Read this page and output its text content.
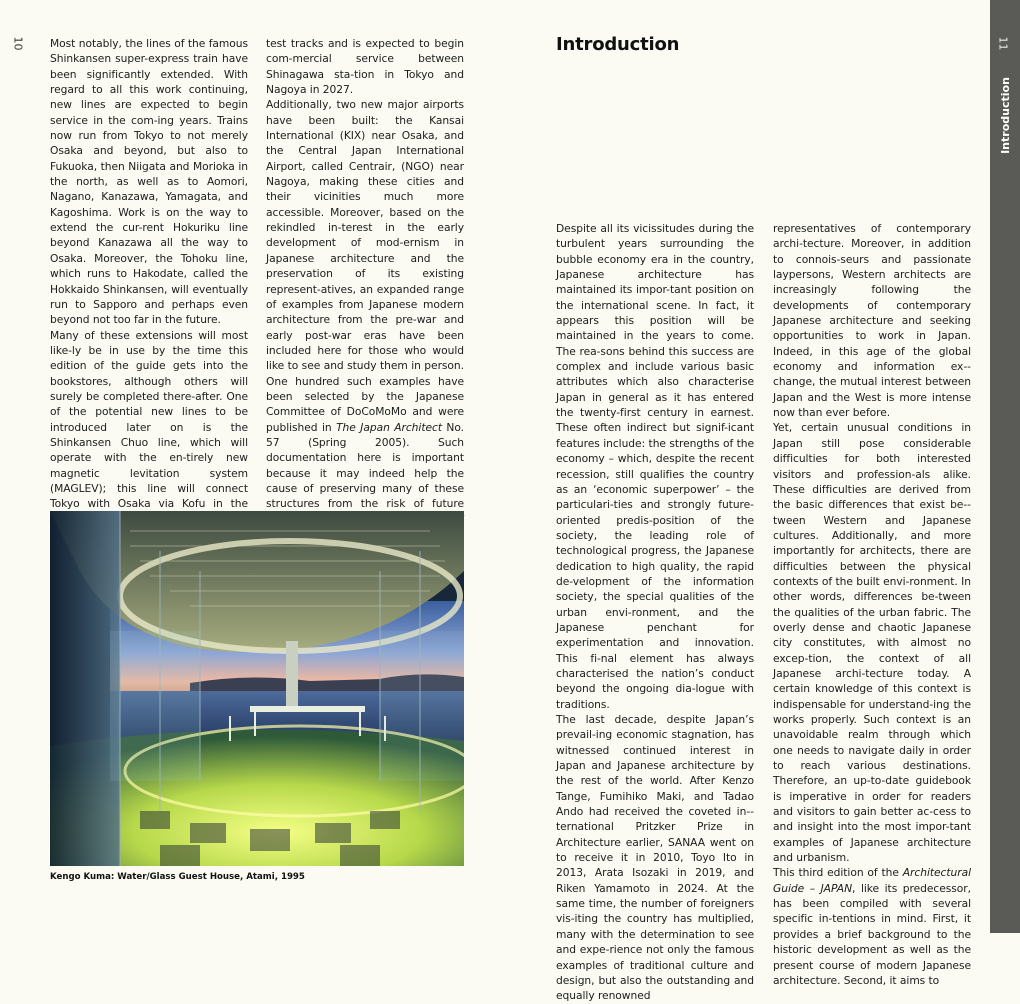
10 Most notably, the lines of the famous Shinkansen super-express train have been significantly extended. With regard to all this work continuing, new lines are expected to begin service in the com-ing years. Trains now run from Tokyo to not merely Osaka and beyond, but also to Fukuoka, then Niigata and Morioka in the north, as well as to Aomori, Nagano, Kanazawa, Yamagata, and Kagoshima. Work is on the way to extend the cur-rent Hokuriku line beyond Kanazawa all the way to Osaka. Moreover, the Tohoku line, which runs to Hakodate, called the Hokkaido Shinkansen, will eventually run to Sapporo and perhaps even beyond not too far in the future.

Many of these extensions will most like-ly be in use by the time this edition of the guide gets into the bookstores, although others will surely be completed there-after. One of the potential new lines to be introduced later on is the Shinkansen Chuo line, which will operate with the en-tirely new magnetic levitation system (MAGLEV); this line will connect Tokyo with Osaka via Kofu in the

test tracks and is expected to begin com-mercial service between Shinagawa sta-tion in Tokyo and Nagoya in 2027.

Additionally, two new major airports have been built: the Kansai International (KIX) near Osaka, and the Central Japan International Airport, called Centrair, (NGO) near Nagoya, making these cities and their vicinities much more accessible. Moreover, based on the rekindled in-terest in the early development of mod-ernism in Japanese architecture and the preservation of its existing represent-atives, an expanded range of examples from Japanese modern architecture from the pre-war and early post-war eras have been included here for those who would like to see and study them in person. One hundred such examples have been selected by the Japanese Committee of DoCoMoMo and were published in The Japan Architect No. 57 (Spring 2005). Such documentation here is important because it may indeed help the cause of preserving many of these structures from the risk of future

Kengo Kuma: Water/Glass Guest House, Atami, 1995
Introduction

Despite all its vicissitudes during the turbulent years surrounding the bubble economy era in the country, Japanese architecture has maintained its impor-tant position on the international scene. In fact, it appears this position will be maintained in the years to come. The rea-sons behind this success are complex and include various basic attributes which also characterise Japan in general as it has entered the twenty-first century in earnest. These often indirect but signif-icant features include: the strengths of the economy – which, despite the recent recession, still qualifies the country as an ‘economic superpower’ – the particulari-ties and strongly future-oriented predis-position of the society, the leading role of technological progress, the Japanese dedication to high quality, the rapid de-velopment of the information society, the special qualities of the urban envi-ronment, and the Japanese penchant for experimentation and innovation. This fi-nal element has always characterised the nation’s conduct beyond the ongoing dia-logue with traditions.

The last decade, despite Japan’s prevail-ing economic stagnation, has witnessed continued interest in Japan and Japanese architecture by the rest of the world. After Kenzo Tange, Fumihiko Maki, and Tadao Ando had received the coveted in-ternational Pritzker Prize in Architecture earlier, SANAA went on to receive it in 2010, Toyo Ito in 2013, Arata Isozaki in 2019, and Riken Yamamoto in 2024. At the same time, the number of foreigners vis-iting the country has multiplied, many with the determination to see and expe-rience not only the famous examples of traditional culture and design, but also the outstanding and equally renowned

representatives of contemporary archi-tecture. Moreover, in addition to connois-seurs and passionate laypersons, Western architects are increasingly following the developments of contemporary Japanese architecture and seeking opportunities to work in Japan. Indeed, in this age of the global economy and information ex-change, the mutual interest between Japan and the West is more intense now than ever before.

Yet, certain unusual conditions in Japan still pose considerable difficulties for both interested visitors and profession-als alike. These difficulties are derived from the basic differences that exist be-tween Western and Japanese cultures. Additionally, and more importantly for architects, there are difficulties between the physical contexts of the built envi-ronment. In other words, differences be-tween the qualities of the urban fabric. The overly dense and chaotic Japanese city constitutes, with almost no excep-tion, the context of all Japanese archi-tecture today. A certain knowledge of this context is indispensable for understand-ing the works properly. Such context is an unavoidable realm through which one needs to navigate daily in order to reach various destinations. Therefore, an up-to-date guidebook is imperative in order for readers and visitors to gain better ac-cess to and insight into the most impor-tant examples of Japanese architecture and urbanism.

This third edition of the Architectural Guide – JAPAN, like its predecessor, has been compiled with several specific in-tentions in mind. First, it provides a brief background to the historic development as well as the present course of modern Japanese architecture. Second, it aims to

11
Introduction
